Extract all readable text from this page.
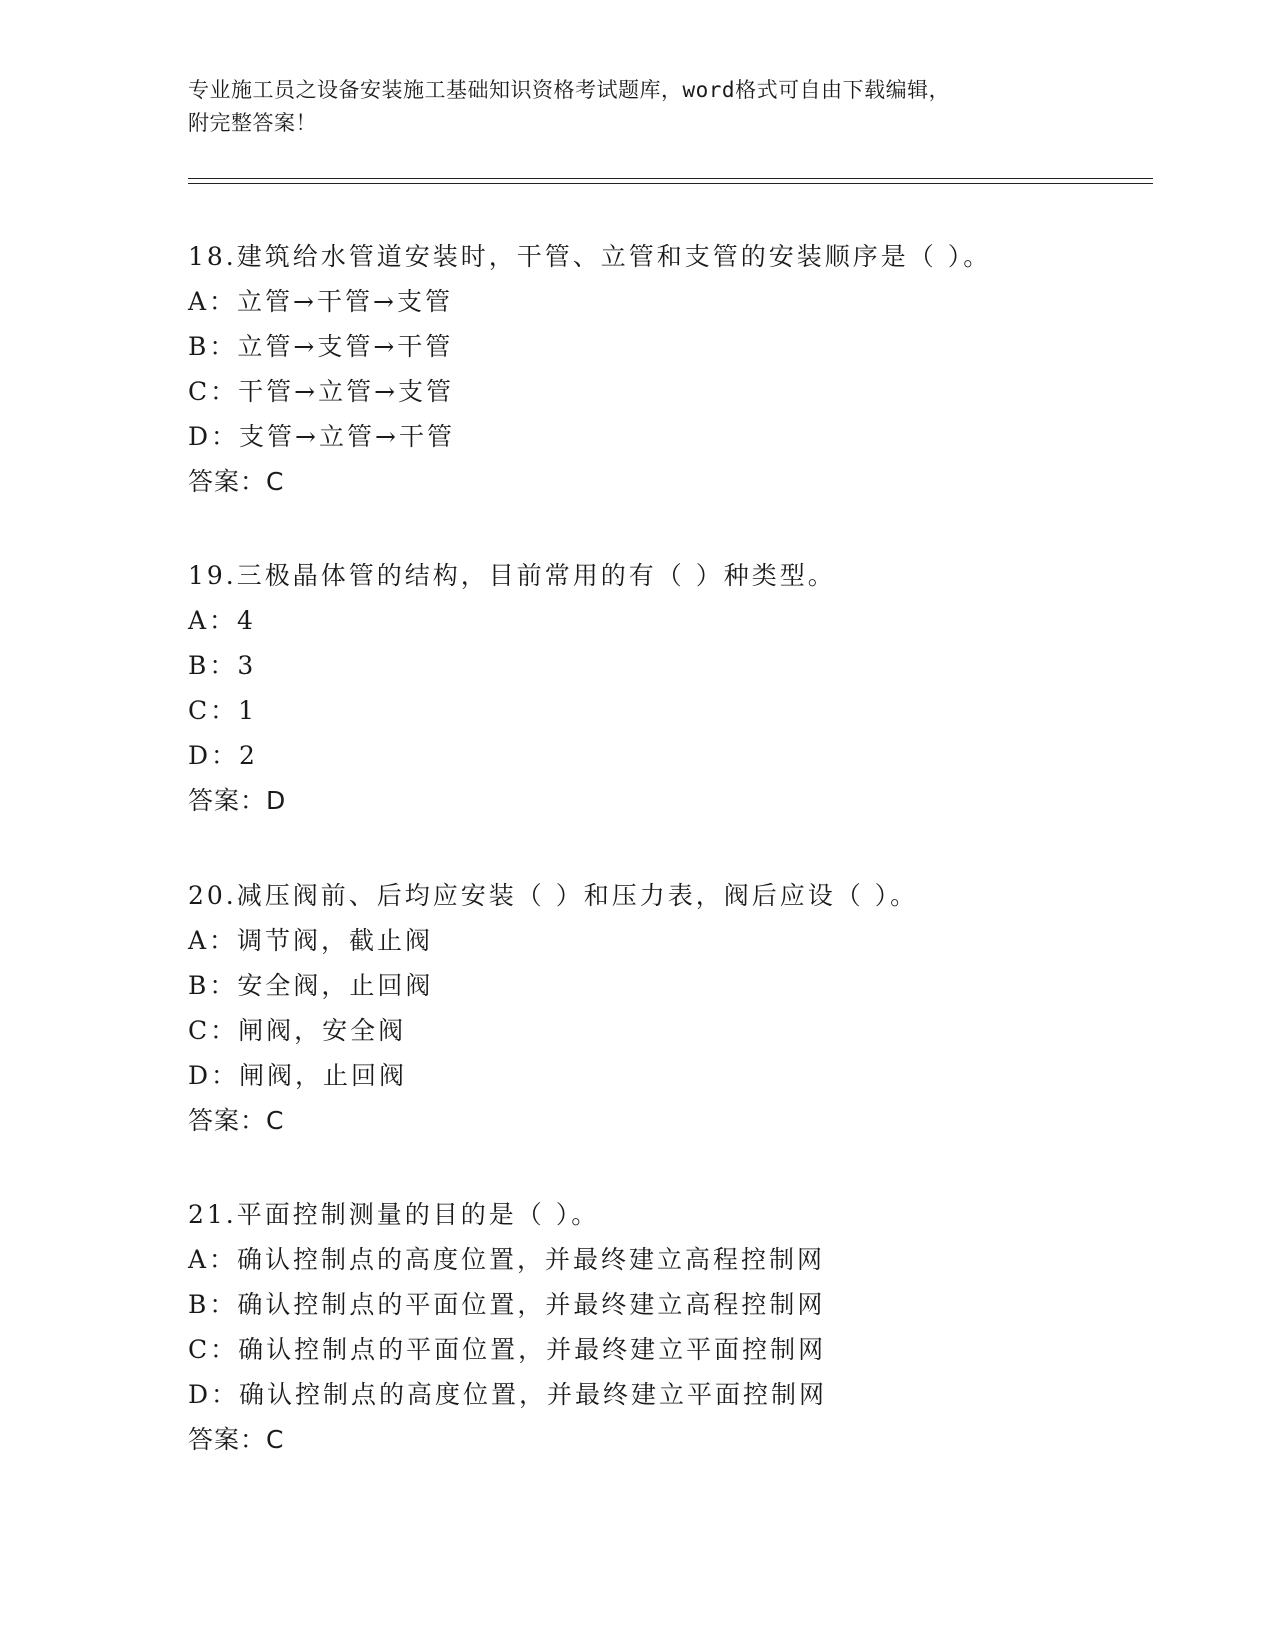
专业施工员之设备安装施工基础知识资格考试题库，word格式可自由下载编辑，
附完整答案！
18.建筑给水管道安装时，干管、立管和支管的安装顺序是（ ）。
A：立管→干管→支管
B：立管→支管→干管
C：干管→立管→支管
D：支管→立管→干管
答案：C
19.三极晶体管的结构，目前常用的有（ ）种类型。
A：4
B：3
C：1
D：2
答案：D
20.减压阀前、后均应安装（ ）和压力表，阀后应设（ ）。
A：调节阀，截止阀
B：安全阀，止回阀
C：闸阀，安全阀
D：闸阀，止回阀
答案：C
21.平面控制测量的目的是（ ）。
A：确认控制点的高度位置，并最终建立高程控制网
B：确认控制点的平面位置，并最终建立高程控制网
C：确认控制点的平面位置，并最终建立平面控制网
D：确认控制点的高度位置，并最终建立平面控制网
答案：C
